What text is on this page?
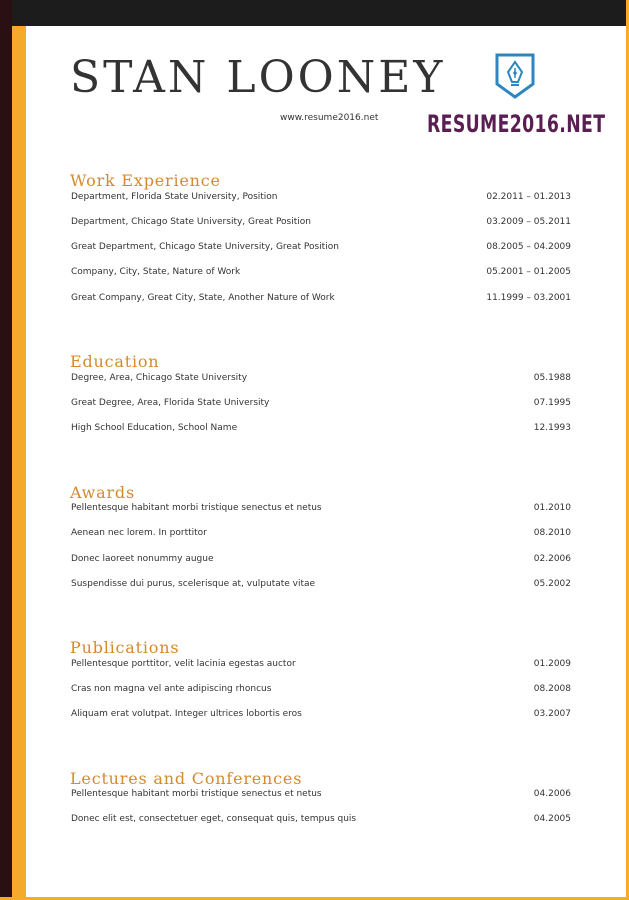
STAN LOONEY
www.resume2016.net RESUME2016.NET
Work Experience
Department, Florida State University, Position	02.2011 – 01.2013
Department, Chicago State University, Great Position	03.2009 – 05.2011
Great Department, Chicago State University, Great Position	08.2005 – 04.2009
Company, City, State, Nature of Work	05.2001 – 01.2005
Great Company, Great City, State, Another Nature of Work	11.1999 – 03.2001
Education
Degree, Area, Chicago State University	05.1988
Great Degree, Area, Florida State University	07.1995
High School Education, School Name	12.1993
Awards
Pellentesque habitant morbi tristique senectus et netus	01.2010
Aenean nec lorem. In porttitor	08.2010
Donec laoreet nonummy augue	02.2006
Suspendisse dui purus, scelerisque at, vulputate vitae	05.2002
Publications
Pellentesque porttitor, velit lacinia egestas auctor	01.2009
Cras non magna vel ante adipiscing rhoncus	08.2008
Aliquam erat volutpat. Integer ultrices lobortis eros	03.2007
Lectures and Conferences
Pellentesque habitant morbi tristique senectus et netus	04.2006
Donec elit est, consectetuer eget, consequat quis, tempus quis	04.2005
